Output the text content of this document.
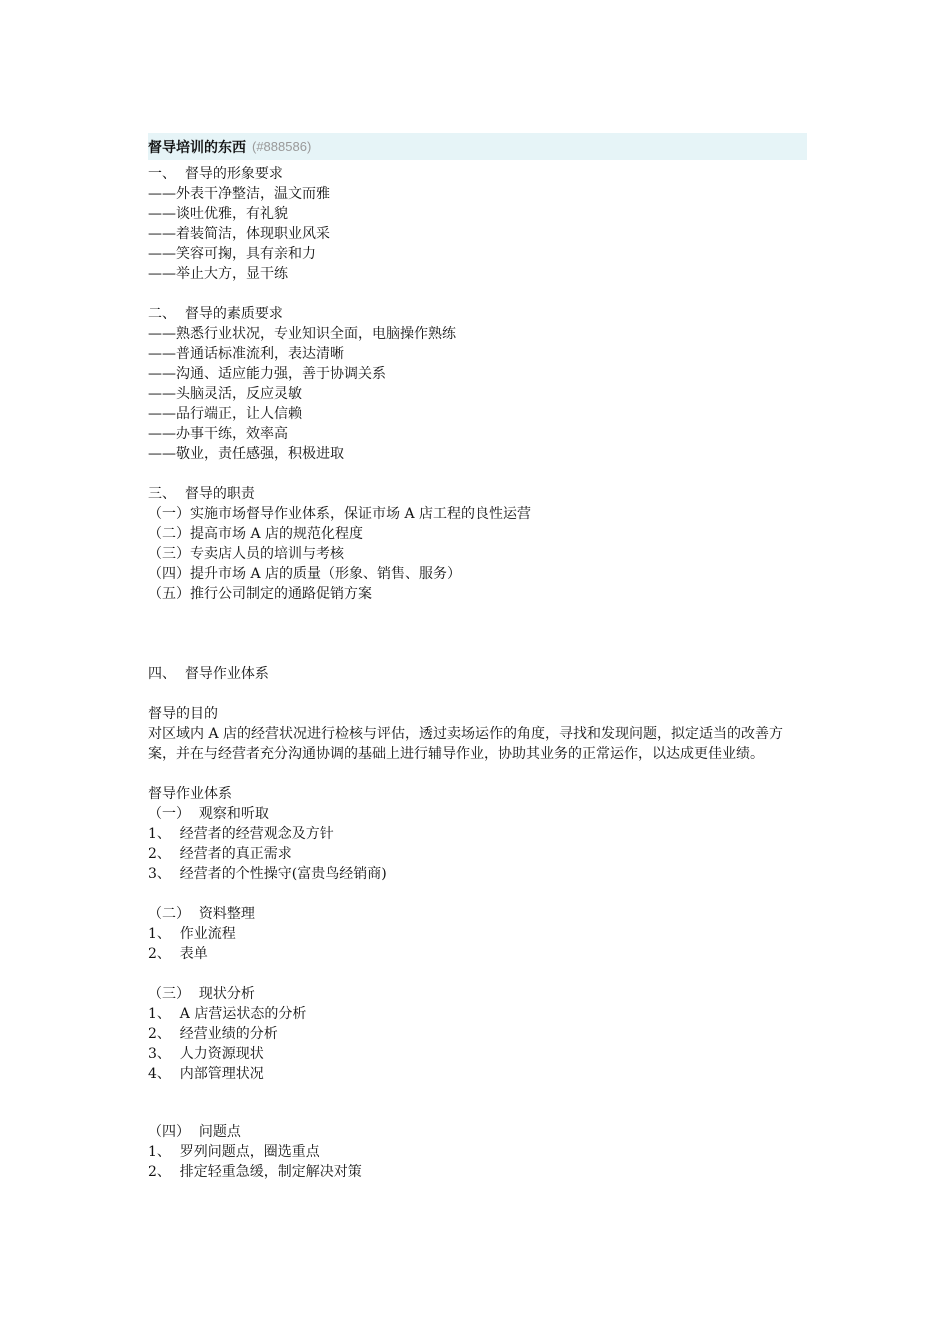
督导培训的东西 (#888586)
一、  督导的形象要求
——外表干净整洁，温文而雅
——谈吐优雅，有礼貌
——着装简洁，体现职业风采
——笑容可掬，具有亲和力
——举止大方，显干练
二、  督导的素质要求
——熟悉行业状况，专业知识全面，电脑操作熟练
——普通话标准流利，表达清晰
——沟通、适应能力强，善于协调关系
——头脑灵活，反应灵敏
——品行端正，让人信赖
——办事干练，效率高
——敬业，责任感强，积极进取
三、  督导的职责
（一）实施市场督导作业体系，保证市场 A 店工程的良性运营
（二）提高市场 A 店的规范化程度
（三）专卖店人员的培训与考核
（四）提升市场 A 店的质量（形象、销售、服务）
（五）推行公司制定的通路促销方案
四、  督导作业体系
督导的目的
对区域内 A 店的经营状况进行检核与评估，透过卖场运作的角度，寻找和发现问题，拟定适当的改善方案，并在与经营者充分沟通协调的基础上进行辅导作业，协助其业务的正常运作，以达成更佳业绩。
督导作业体系
（一）  观察和听取
1、  经营者的经营观念及方针
2、  经营者的真正需求
3、  经营者的个性操守(富贵鸟经销商)
（二）  资料整理
1、  作业流程
2、  表单
（三）  现状分析
1、  A 店营运状态的分析
2、  经营业绩的分析
3、  人力资源现状
4、  内部管理状况
（四）  问题点
1、  罗列问题点，圈选重点
2、  排定轻重急缓，制定解决对策
